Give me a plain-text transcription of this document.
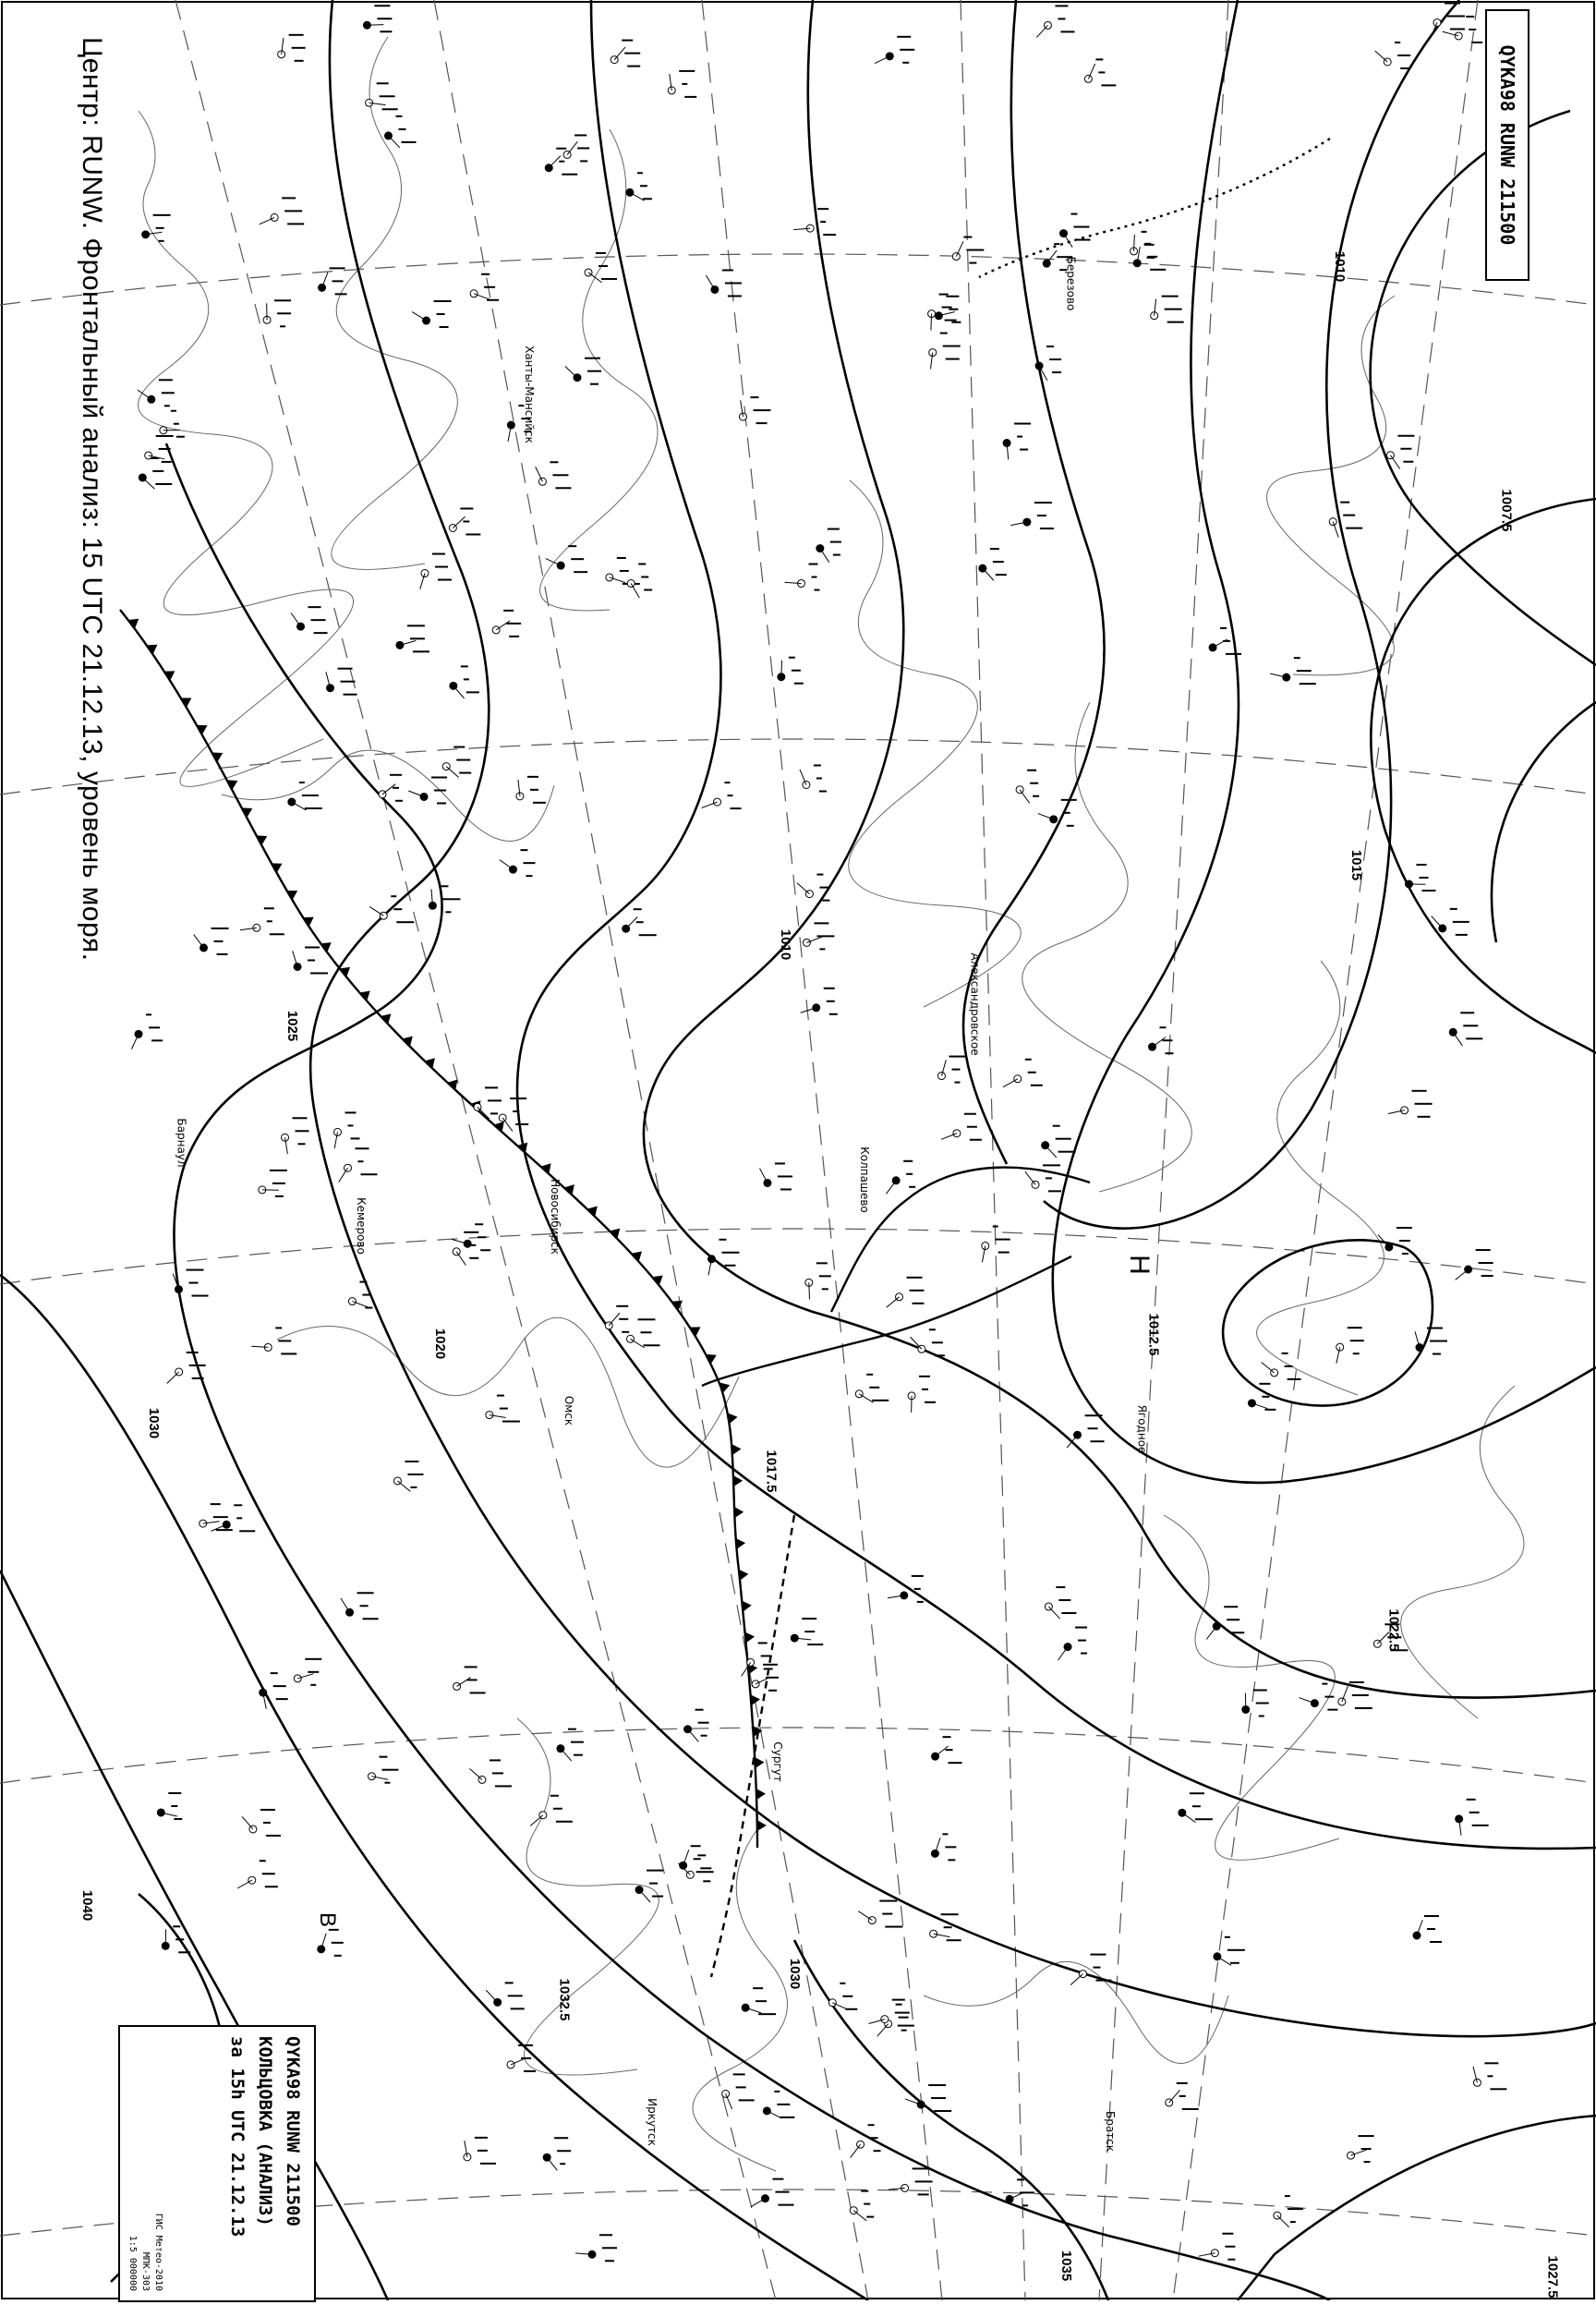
1007.5
1010
1012.5
1015
1017.5
1020
1022.5
1025
1027.5
1030
1032.5
1035
1040
1010
1030
Н
В
Ягодное
Новосибирск	Колпашево
Ханты-Мансийск
Сургут
Иркутск
Барнаул
Александровское
Братск
Омск
Кемерово
Березово
Центр: RUNW. Фронтальный анализ: 15 UTC 21.12.13, уровень моря.	QYKA98 RUNW 211500
QYKA98 RUNW 211500
КОЛЬЦОВКА (АНАЛИЗ)
за 15h UTC 21.12.13
ГИС Метео-2010
МПК-303
1:5 000000
